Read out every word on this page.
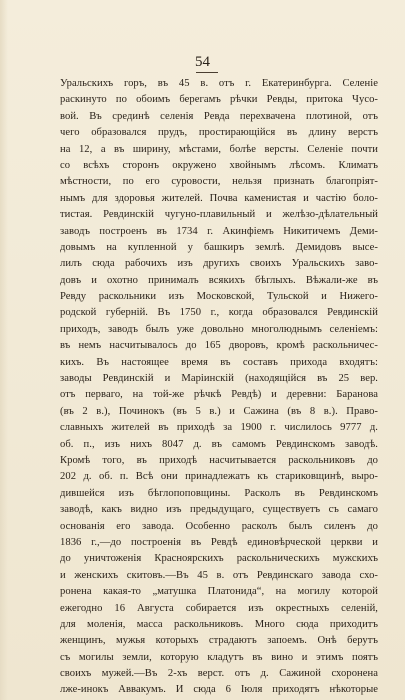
54
Уральскихъ горъ, въ 45 в. отъ г. Екатеринбурга. Селеніе
раскинуто по обоимъ берегамъ рѣчки Ревды, притока Чусо-
вой. Въ срединѣ селенія Ревда перехвачена плотиной, отъ
чего образовался прудъ, простирающійся въ длину верстъ
на 12, а въ ширину, мѣстами, болѣе версты. Селеніе почти
со всѣхъ сторонъ окружено хвойнымъ лѣсомъ. Климатъ
мѣстности, по его суровости, нельзя признать благопріят-
нымъ для здоровья жителей. Почва каменистая и частію боло-
тистая. Ревдинскій чугуно-плавильный и желѣзо-дѣлательный
заводъ построенъ въ 1734 г. Акинфіемъ Никитичемъ Деми-
довымъ на купленной у башкиръ землѣ. Демидовъ высе-
лилъ сюда рабочихъ изъ другихъ своихъ Уральскихъ заво-
довъ и охотно принималъ всякихъ бѣглыхъ. Вѣжали-же въ
Ревду раскольники изъ Московской, Тульской и Нижего-
родской губерній. Въ 1750 г., когда образовался Ревдинскій
приходъ, заводъ былъ уже довольно многолюднымъ селеніемъ:
въ немъ насчитывалось до 165 дворовъ, кромѣ раскольничес-
кихъ. Въ настоящее время въ составъ прихода входятъ:
заводы Ревдинскій и Маріинскій (находящійся въ 25 вер.
отъ перваго, на той-же рѣчкѣ Ревдѣ) и деревни: Баранова
(въ 2 в.), Починокъ (въ 5 в.) и Сажина (въ 8 в.). Право-
славныхъ жителей въ приходѣ за 1900 г. числилось 9777 д.
об. п., изъ нихъ 8047 д. въ самомъ Ревдинскомъ заводѣ.
Кромѣ того, въ приходѣ насчитывается раскольниковъ до
202 д. об. п. Всѣ они принадлежатъ къ стариковщинѣ, выро-
дившейся изъ бѣглопоповщины. Расколъ въ Ревдинскомъ
заводѣ, какъ видно изъ предыдущаго, существуетъ съ самаго
основанія его завода. Особенно расколъ былъ силенъ до
1836 г.,—до построенія въ Ревдѣ единовѣрческой церкви и
до уничтоженія Красноярскихъ раскольническихъ мужскихъ
и женскихъ скитовъ.—Въ 45 в. отъ Ревдинскаго завода схо-
ронена какая-то „матушка Платонида“, на могилу которой
ежегодно 16 Августа собирается изъ окрестныхъ селеній,
для моленія, масса раскольниковъ. Много сюда приходитъ
женщинъ, мужья которыхъ страдаютъ запоемъ. Онѣ берутъ
съ могилы земли, которую кладутъ въ вино и этимъ поятъ
своихъ мужей.—Въ 2-хъ верст. отъ д. Сажиной схоронена
лже-инокъ Аввакумъ. И сюда 6 Іюля приходятъ нѣкоторые
